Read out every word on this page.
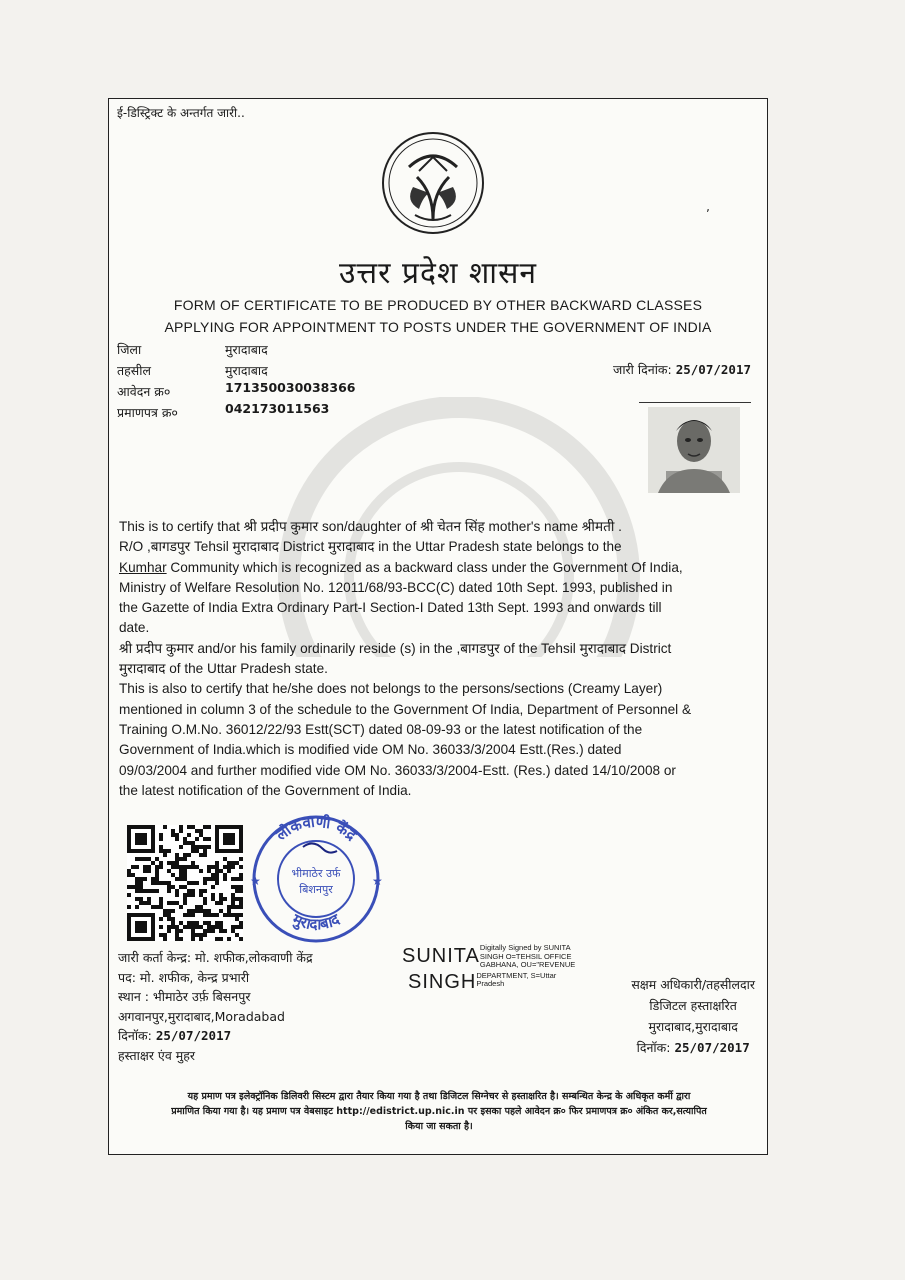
ई-डिस्ट्रिक्ट के अन्तर्गत जारी..
उत्तर प्रदेश शासन
FORM OF CERTIFICATE TO BE PRODUCED BY OTHER BACKWARD CLASSES
APPLYING FOR APPOINTMENT TO POSTS UNDER THE GOVERNMENT OF INDIA
जिला	मुरादाबाद
तहसील	मुरादाबाद
आवेदन क्र०	171350030038366
प्रमाणपत्र क्र०	042173011563
जारी दिनांक: 25/07/2017

This is to certify that श्री प्रदीप कुमार son/daughter of श्री चेतन सिंह mother's name श्रीमती .
R/O ,बागडपुर Tehsil मुरादाबाद District मुरादाबाद in the Uttar Pradesh state belongs to the
Kumhar Community which is recognized as a backward class under the Government Of India,
Ministry of Welfare Resolution No. 12011/68/93-BCC(C) dated 10th Sept. 1993, published in
the Gazette of India Extra Ordinary Part-I Section-I Dated 13th Sept. 1993 and onwards till
date.

श्री प्रदीप कुमार and/or his family ordinarily reside (s) in the ,बागडपुर of the Tehsil मुरादाबाद District
मुरादाबाद of the Uttar Pradesh state.

This is also to certify that he/she does not belongs to the persons/sections (Creamy Layer)
mentioned in column 3 of the schedule to the Government Of India, Department of Personnel &
Training O.M.No. 36012/22/93 Estt(SCT) dated 08-09-93 or the latest notification of the
Government of India.which is modified vide OM No. 36033/3/2004 Estt.(Res.) dated
09/03/2004 and further modified vide OM No. 36033/3/2004-Estt. (Res.) dated 14/10/2008 or
the latest notification of the Government of India.

लोकवाणी केंद्र
मुरादाबाद
भीमाठेर उर्फ
बिशनपुर
★	★
जारी कर्ता केन्द्र: मो. शफीक,लोकवाणी केंद्र
पद: मो. शफीक, केन्द्र प्रभारी
स्थान : भीमाठेर उर्फ़ बिसनपुर
अगवानपुर,मुरादाबाद,Moradabad
दिनॉक: 25/07/2017
हस्ताक्षर एंव मुहर
SUNITA Digitally Signed by SUNITA
SINGH O=TEHSIL OFFICE
GABHANA, OU="REVENUE
SINGH DEPARTMENT, S=Uttar
Pradesh	सक्षम अधिकारी/तहसीलदार
डिजिटल हस्ताक्षरित
मुरादाबाद,मुरादाबाद
दिनॉक: 25/07/2017
यह प्रमाण पत्र इलेक्ट्रॉनिक डिलिवरी सिस्टम द्वारा तैयार किया गया है तथा डिजिटल सिग्नेचर से हस्ताक्षरित है। सम्बन्धित केन्द्र के अधिकृत कर्मी द्वारा
प्रमाणित किया गया है। यह प्रमाण पत्र वेबसाइट http://edistrict.up.nic.in पर इसका पहले आवेदन क्र० फिर प्रमाणपत्र क्र० अंकित कर,सत्यापित
किया जा सकता है।
ʼ
